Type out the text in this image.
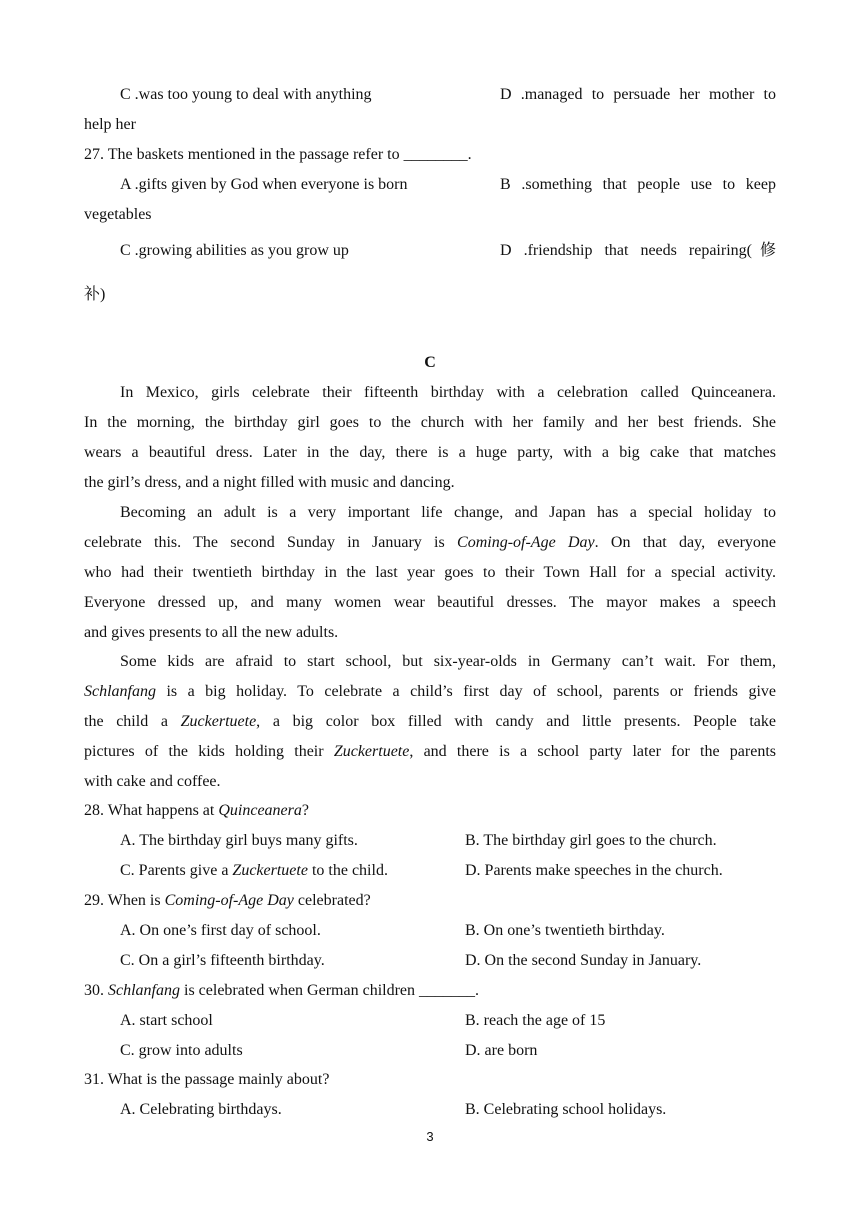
C .was too young to deal with anything	D .managed to persuade her mother to
help her
27. The baskets mentioned in the passage refer to ________.
A .gifts given by God when everyone is born	B .something that people use to keep
vegetables
C .growing abilities as you grow up	D .friendship that needs repairing(修
补)
C
In Mexico, girls celebrate their fifteenth birthday with a celebration called Quinceanera.
In the morning, the birthday girl goes to the church with her family and her best friends. She
wears a beautiful dress. Later in the day, there is a huge party, with a big cake that matches
the girl’s dress, and a night filled with music and dancing.
Becoming an adult is a very important life change, and Japan has a special holiday to
celebrate this. The second Sunday in January is Coming-of-Age Day. On that day, everyone
who had their twentieth birthday in the last year goes to their Town Hall for a special activity.
Everyone dressed up, and many women wear beautiful dresses. The mayor makes a speech
and gives presents to all the new adults.
Some kids are afraid to start school, but six-year-olds in Germany can’t wait. For them,
Schlanfang is a big holiday. To celebrate a child’s first day of school, parents or friends give
the child a Zuckertuete, a big color box filled with candy and little presents. People take
pictures of the kids holding their Zuckertuete, and there is a school party later for the parents
with cake and coffee.
28. What happens at Quinceanera?
A. The birthday girl buys many gifts.	B. The birthday girl goes to the church.
C. Parents give a Zuckertuete to the child.	D. Parents make speeches in the church.
29. When is Coming-of-Age Day celebrated?
A. On one’s first day of school.	B. On one’s twentieth birthday.
C. On a girl’s fifteenth birthday.	D. On the second Sunday in January.
30. Schlanfang is celebrated when German children _______.
A. start school	B. reach the age of 15
C. grow into adults	D. are born
31. What is the passage mainly about?
A. Celebrating birthdays.	B. Celebrating school holidays.
3
